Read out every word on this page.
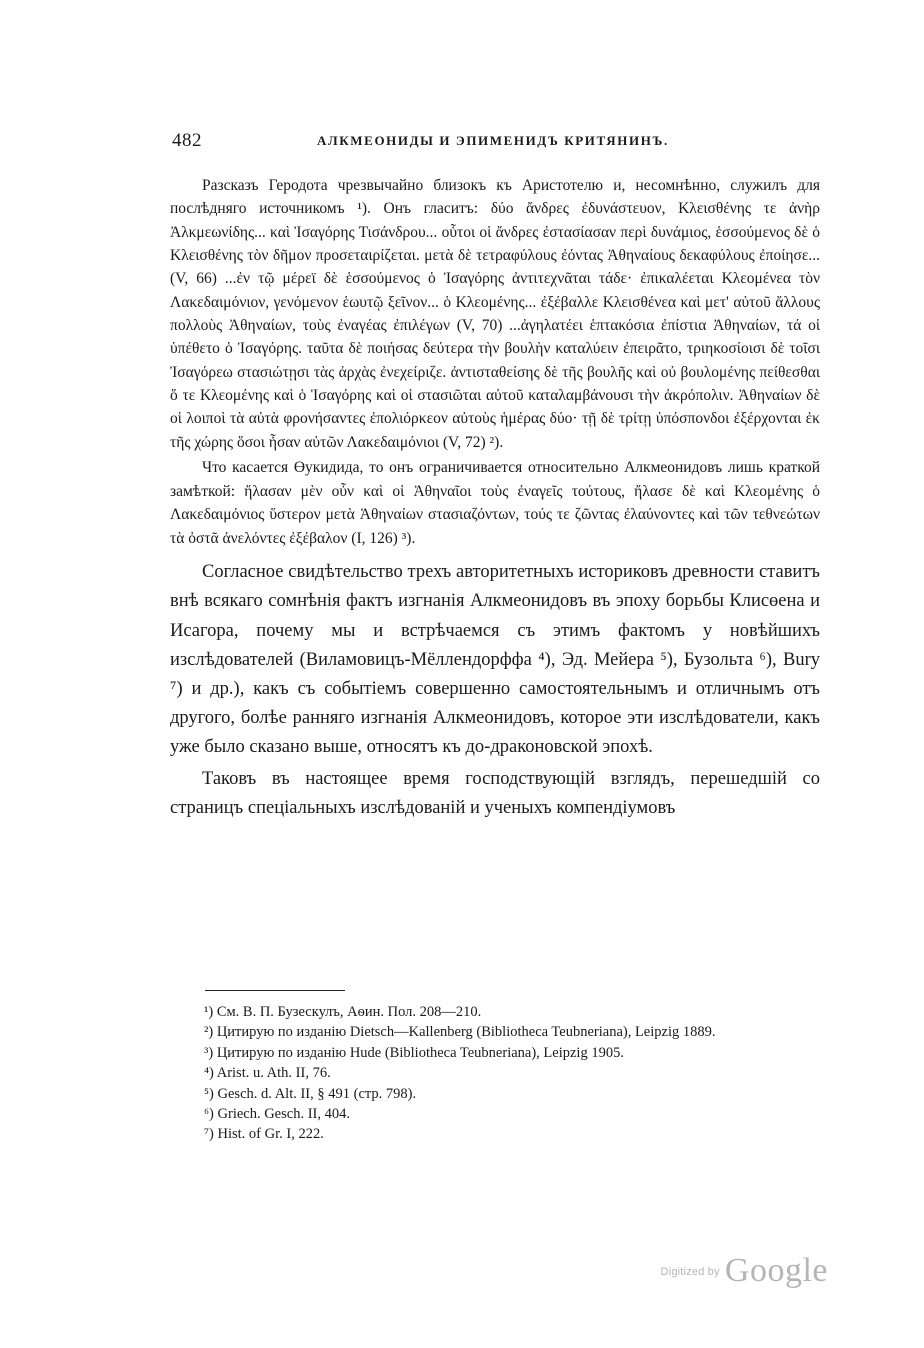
482	АЛКМЕОНИДЫ И ЭПИМЕНИДЪ КРИТЯНИНЪ.

Разсказъ Геродота чрезвычайно близокъ къ Аристотелю и, несомнѣнно, служилъ для послѣдняго источникомъ ¹). Онъ гласитъ: δύο ἄνδρες ἐδυνάστευον, Κλεισθένης τε ἀνὴρ Ἀλκμεωνίδης... καὶ Ἰσαγόρης Τισάνδρου... οὗτοι οἱ ἄνδρες ἐστασίασαν περὶ δυνάμιος, ἑσσούμενος δὲ ὁ Κλεισθένης τὸν δῆμον προσεταιρίζεται. μετὰ δὲ τετραφύλους ἐόντας Ἀθηναίους δεκαφύλους ἐποίησε... (V, 66) ...ἐν τῷ μέρεϊ δὲ ἑσσούμενος ὁ Ἰσαγόρης ἀντιτεχνᾶται τάδε· ἐπικαλέεται Κλεομένεα τὸν Λακεδαιμόνιον, γενόμενον ἑωυτῷ ξεῖνον... ὁ Κλεομένης... ἐξέβαλλε Κλεισθένεα καὶ μετ' αὐτοῦ ἄλλους πολλοὺς Ἀθηναίων, τοὺς ἐναγέας ἐπιλέγων (V, 70) ...ἀγηλατέει ἑπτακόσια ἐπίστια Ἀθηναίων, τά οἱ ὑπέθετο ὁ Ἰσαγόρης. ταῦτα δὲ ποιήσας δεύτερα τὴν βουλὴν καταλύειν ἐπειρᾶτο, τριηκοσίοισι δὲ τοῖσι Ἰσαγόρεω στασιώτῃσι τὰς ἀρχὰς ἐνεχείριζε. ἀντισταθείσης δὲ τῆς βουλῆς καὶ οὐ βουλομένης πείθεσθαι ὅ τε Κλεομένης καὶ ὁ Ἰσαγόρης καὶ οἱ στασιῶται αὐτοῦ καταλαμβάνουσι τὴν ἀκρόπολιν. Ἀθηναίων δὲ οἱ λοιποὶ τὰ αὐτὰ φρονήσαντες ἐπολιόρκεον αὐτοὺς ἡμέρας δύο· τῇ δὲ τρίτῃ ὑπόσπονδοι ἐξέρχονται ἐκ τῆς χώρης ὅσοι ἦσαν αὐτῶν Λακεδαιμόνιοι (V, 72) ²).

Что касается Өукидида, то онъ ограничивается относительно Алкмеонидовъ лишь краткой замѣткой: ἤλασαν μὲν οὖν καὶ οἱ Ἀθηναῖοι τοὺς ἐναγεῖς τούτους, ἤλασε δὲ καὶ Κλεομένης ὁ Λακεδαιμόνιος ὕστερον μετὰ Ἀθηναίων στασιαζόντων, τούς τε ζῶντας ἐλαύνοντες καὶ τῶν τεθνεώτων τὰ ὀστᾶ ἀνελόντες ἐξέβαλον (I, 126) ³).

Согласное свидѣтельство трехъ авторитетныхъ историковъ древности ставитъ внѣ всякаго сомнѣнія фактъ изгнанія Алкмеонидовъ въ эпоху борьбы Клисөена и Исагора, почему мы и встрѣчаемся съ этимъ фактомъ у новѣйшихъ изслѣдователей (Виламовицъ-Мёллендорффа ⁴), Эд. Мейера ⁵), Бузольта ⁶), Bury ⁷) и др.), какъ съ событіемъ совершенно самостоятельнымъ и отличнымъ отъ другого, болѣе ранняго изгнанія Алкмеонидовъ, которое эти изслѣдователи, какъ уже было сказано выше, относятъ къ до-драконовской эпохѣ.

Таковъ въ настоящее время господствующій взглядъ, перешедшій со страницъ спеціальныхъ изслѣдованій и ученыхъ компендіумовъ

¹) См. В. П. Бузескулъ, Аѳин. Пол. 208—210.

²) Цитирую по изданію Dietsch—Kallenberg (Bibliotheca Teubneriana), Leipzig 1889.

³) Цитирую по изданію Hude (Bibliotheca Teubneriana), Leipzig 1905.

⁴) Arist. u. Ath. II, 76.

⁵) Gesch. d. Alt. II, § 491 (стр. 798).

⁶) Griech. Gesch. II, 404.

⁷) Hist. of Gr. I, 222.

$^{Digitized by}$ Google
